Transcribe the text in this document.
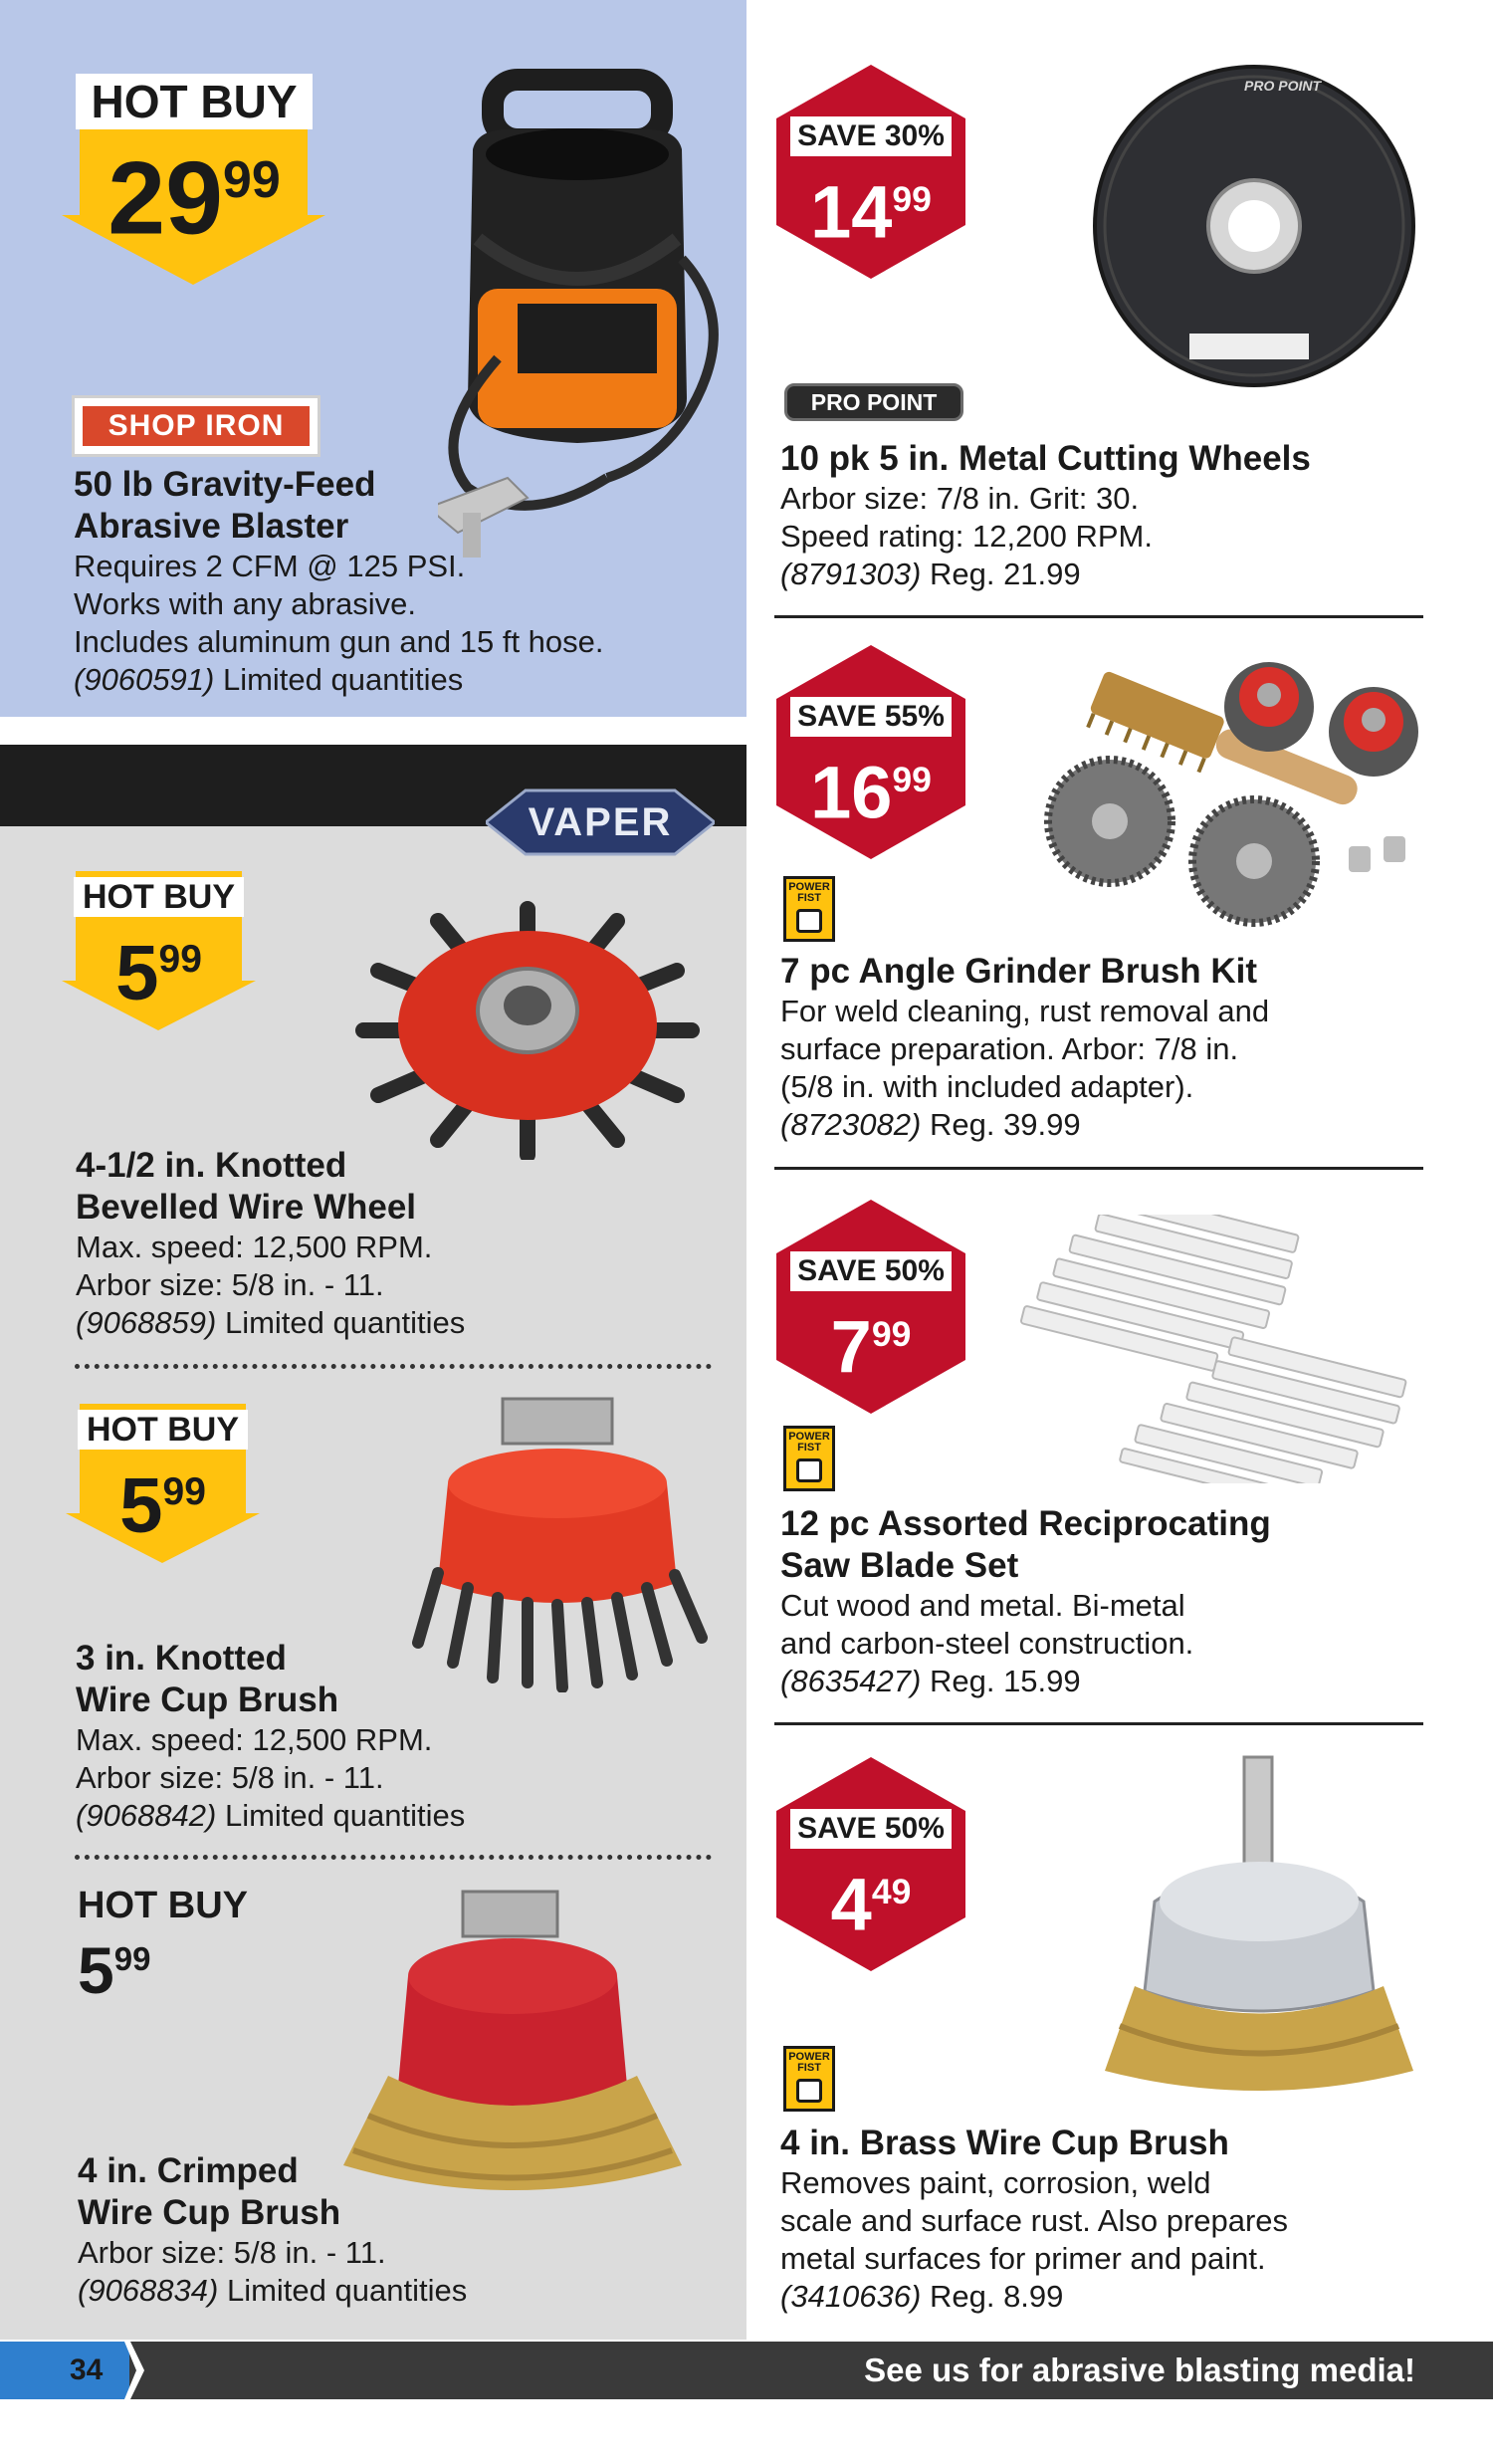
HOT BUY
$29^{99}$
SHOP IRON
50 lb Gravity-Feed
Abrasive Blaster
Requires 2 CFM @ 125 PSI.
Works with any abrasive.
Includes aluminum gun and 15 ft hose.
(9060591) Limited quantities
VAPER
HOT BUY
$5^{99}$
4-1/2 in. Knotted
Bevelled Wire Wheel
Max. speed: 12,500 RPM.
Arbor size: 5/8 in. - 11.
(9068859) Limited quantities
HOT BUY
$5^{99}$
3 in. Knotted
Wire Cup Brush
Max. speed: 12,500 RPM.
Arbor size: 5/8 in. - 11.
(9068842) Limited quantities
HOT BUY
$5^{99}$
4 in. Crimped
Wire Cup Brush
Arbor size: 5/8 in. - 11.
(9068834) Limited quantities
SAVE 30%
$14^{99}$
PRO POINT
PRO POINT
10 pk 5 in. Metal Cutting Wheels
Arbor size: 7/8 in. Grit: 30.
Speed rating: 12,200 RPM.
(8791303) Reg. 21.99
SAVE 55%
$16^{99}$
POWER FIST
7 pc Angle Grinder Brush Kit
For weld cleaning, rust removal and
surface preparation. Arbor: 7/8 in.
(5/8 in. with included adapter).
(8723082) Reg. 39.99
SAVE 50%
$7^{99}$
POWER FIST
12 pc Assorted Reciprocating
Saw Blade Set
Cut wood and metal. Bi-metal
and carbon-steel construction.
(8635427) Reg. 15.99
SAVE 50%
$4^{49}$
POWER FIST
4 in. Brass Wire Cup Brush
Removes paint, corrosion, weld
scale and surface rust. Also prepares
metal surfaces for primer and paint.
(3410636) Reg. 8.99
34	See us for abrasive blasting media!
